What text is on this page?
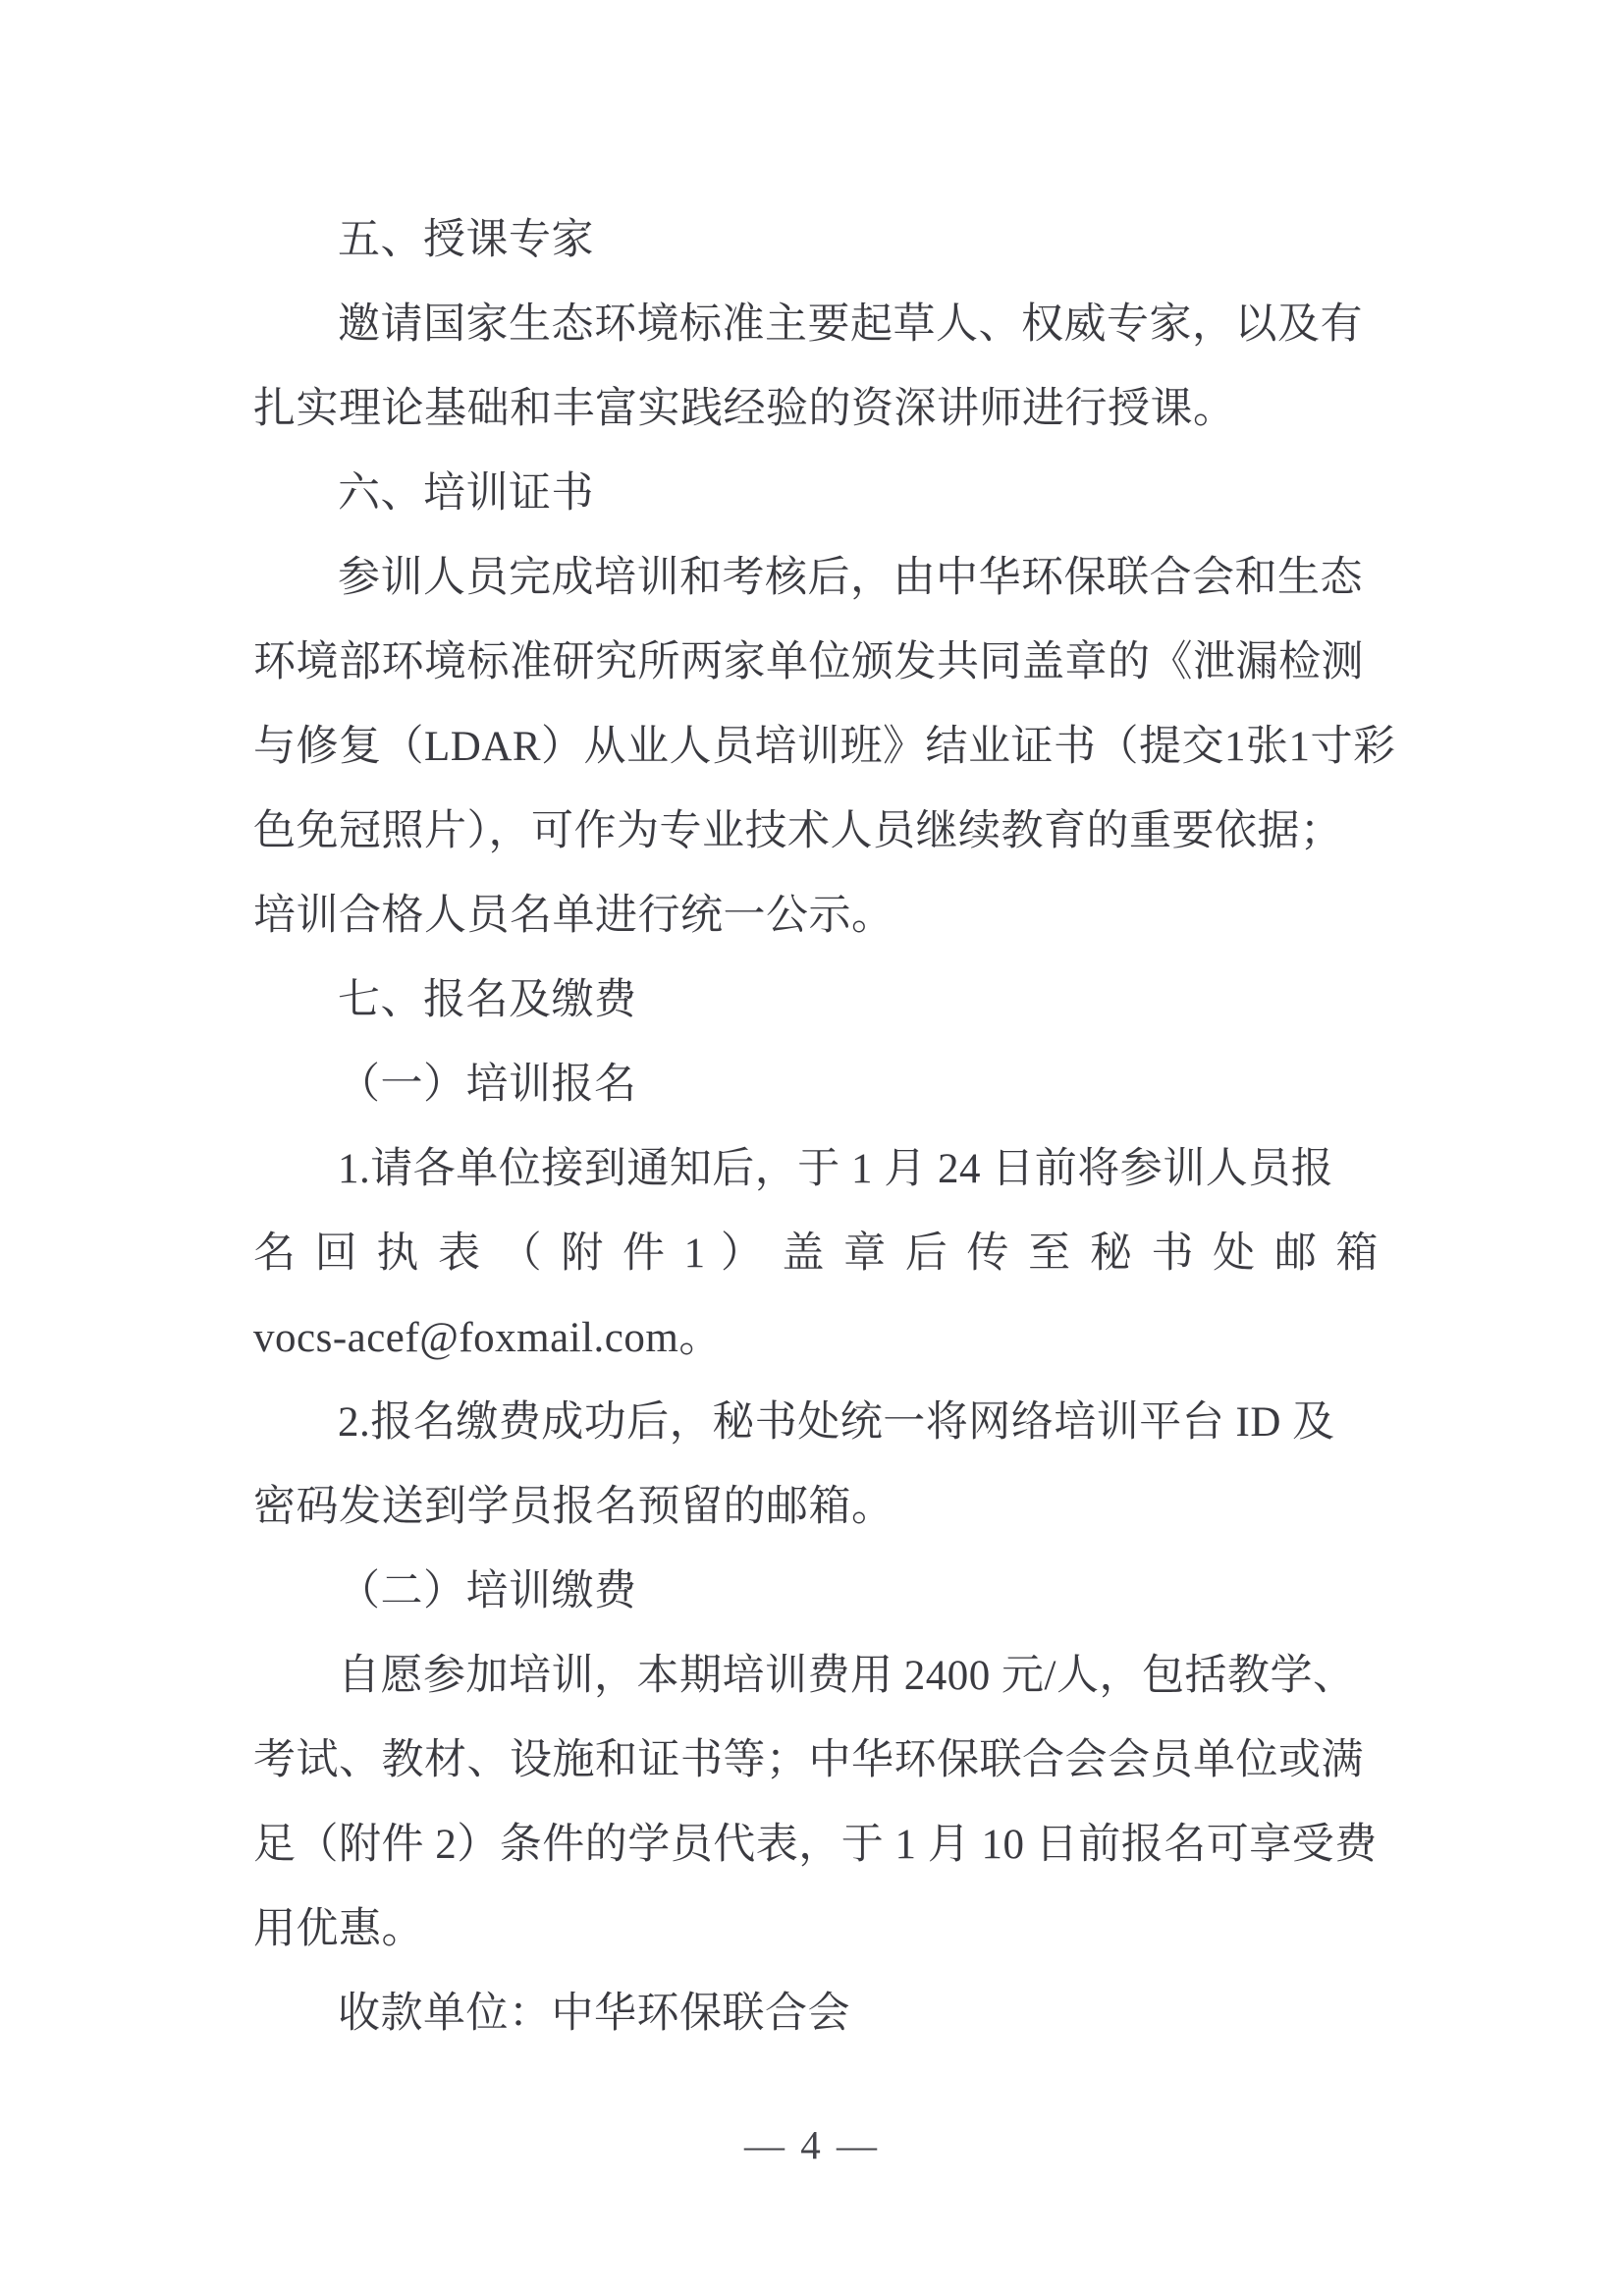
五、授课专家
邀请国家生态环境标准主要起草人、权威专家，以及有
扎实理论基础和丰富实践经验的资深讲师进行授课。
六、培训证书
参训人员完成培训和考核后，由中华环保联合会和生态
环境部环境标准研究所两家单位颁发共同盖章的《泄漏检测
与修复（LDAR）从业人员培训班》结业证书（提交1张1寸彩
色免冠照片），可作为专业技术人员继续教育的重要依据；
培训合格人员名单进行统一公示。
七、报名及缴费
（一）培训报名
1.请各单位接到通知后，于 1 月 24 日前将参训人员报
名 回 执 表 （ 附 件 1 ） 盖 章 后 传 至 秘 书 处 邮 箱
vocs-acef@foxmail.com。
2.报名缴费成功后，秘书处统一将网络培训平台 ID 及
密码发送到学员报名预留的邮箱。
（二）培训缴费
自愿参加培训，本期培训费用 2400 元/人，包括教学、
考试、教材、设施和证书等；中华环保联合会会员单位或满
足（附件 2）条件的学员代表，于 1 月 10 日前报名可享受费
用优惠。
收款单位：中华环保联合会
— 4 —
